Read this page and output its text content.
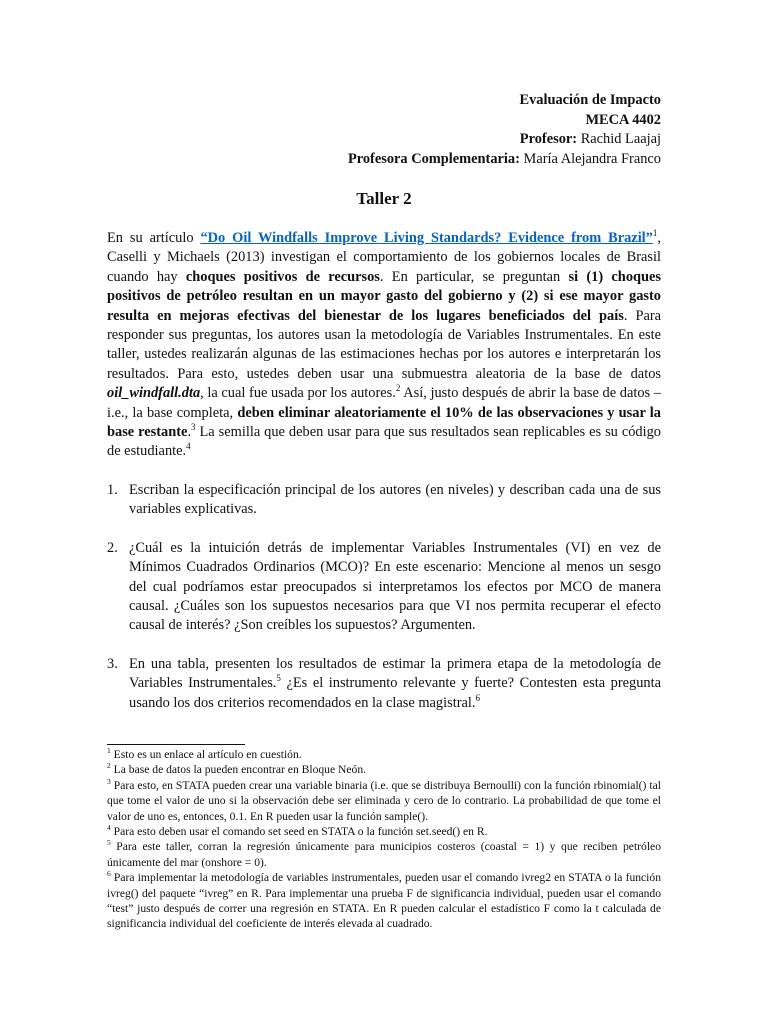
Evaluación de Impacto
MECA 4402
Profesor: Rachid Laajaj
Profesora Complementaria: María Alejandra Franco
Taller 2

En su artículo “Do Oil Windfalls Improve Living Standards? Evidence from Brazil”$^1$, Caselli y Michaels (2013) investigan el comportamiento de los gobiernos locales de Brasil cuando hay choques positivos de recursos. En particular, se preguntan si (1) choques positivos de petróleo resultan en un mayor gasto del gobierno y (2) si ese mayor gasto resulta en mejoras efectivas del bienestar de los lugares beneficiados del país. Para responder sus preguntas, los autores usan la metodología de Variables Instrumentales. En este taller, ustedes realizarán algunas de las estimaciones hechas por los autores e interpretarán los resultados. Para esto, ustedes deben usar una submuestra aleatoria de la base de datos oil_windfall.dta, la cual fue usada por los autores.$^2$ Así, justo después de abrir la base de datos – i.e., la base completa, deben eliminar aleatoriamente el 10% de las observaciones y usar la base restante.$^3$ La semilla que deben usar para que sus resultados sean replicables es su código de estudiante.$^4$

1. Escriban la especificación principal de los autores (en niveles) y describan cada una de sus variables explicativas.
2. ¿Cuál es la intuición detrás de implementar Variables Instrumentales (VI) en vez de Mínimos Cuadrados Ordinarios (MCO)? En este escenario: Mencione al menos un sesgo del cual podríamos estar preocupados si interpretamos los efectos por MCO de manera causal. ¿Cuáles son los supuestos necesarios para que VI nos permita recuperar el efecto causal de interés? ¿Son creíbles los supuestos? Argumenten.
3. En una tabla, presenten los resultados de estimar la primera etapa de la metodología de Variables Instrumentales.$^5$ ¿Es el instrumento relevante y fuerte? Contesten esta pregunta usando los dos criterios recomendados en la clase magistral.$^6$
$^1$ Esto es un enlace al artículo en cuestión.
$^2$ La base de datos la pueden encontrar en Bloque Neón.
$^3$ Para esto, en STATA pueden crear una variable binaria (i.e. que se distribuya Bernoulli) con la función rbinomial() tal que tome el valor de uno si la observación debe ser eliminada y cero de lo contrario. La probabilidad de que tome el valor de uno es, entonces, 0.1. En R pueden usar la función sample().
$^4$ Para esto deben usar el comando set seed en STATA o la función set.seed() en R.
$^5$ Para este taller, corran la regresión únicamente para municipios costeros (coastal = 1) y que reciben petróleo únicamente del mar (onshore = 0).
$^6$ Para implementar la metodología de variables instrumentales, pueden usar el comando ivreg2 en STATA o la función ivreg() del paquete “ivreg” en R. Para implementar una prueba F de significancia individual, pueden usar el comando “test” justo después de correr una regresión en STATA. En R pueden calcular el estadístico F como la t calculada de significancia individual del coeficiente de interés elevada al cuadrado.
